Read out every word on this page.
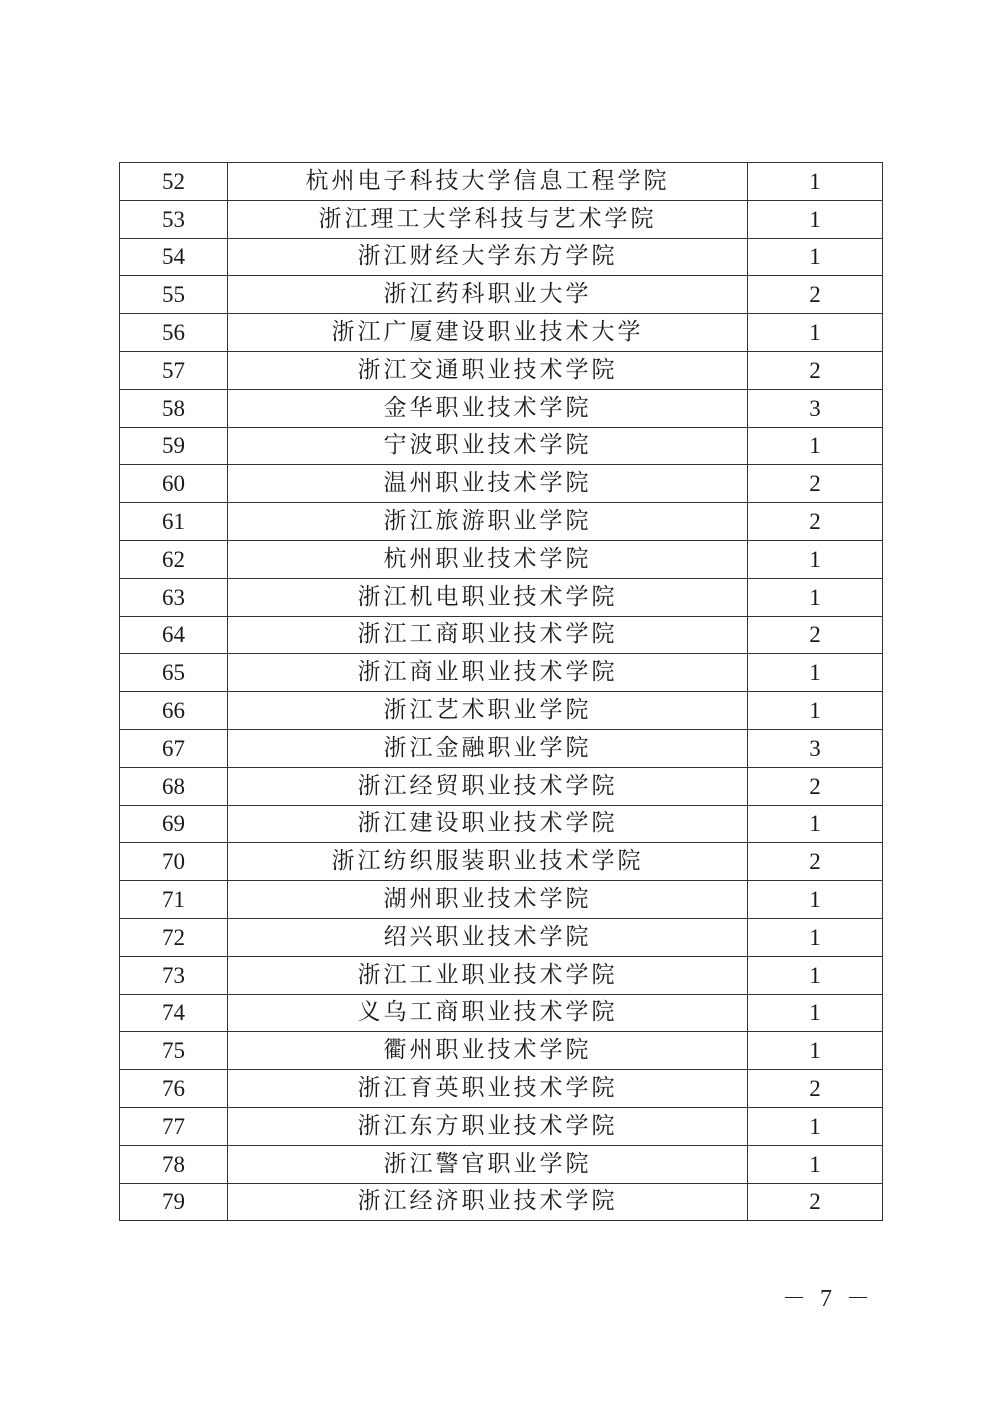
52	杭州电子科技大学信息工程学院	1
53	浙江理工大学科技与艺术学院	1
54	浙江财经大学东方学院	1
55	浙江药科职业大学	2
56	浙江广厦建设职业技术大学	1
57	浙江交通职业技术学院	2
58	金华职业技术学院	3
59	宁波职业技术学院	1
60	温州职业技术学院	2
61	浙江旅游职业学院	2
62	杭州职业技术学院	1
63	浙江机电职业技术学院	1
64	浙江工商职业技术学院	2
65	浙江商业职业技术学院	1
66	浙江艺术职业学院	1
67	浙江金融职业学院	3
68	浙江经贸职业技术学院	2
69	浙江建设职业技术学院	1
70	浙江纺织服装职业技术学院	2
71	湖州职业技术学院	1
72	绍兴职业技术学院	1
73	浙江工业职业技术学院	1
74	义乌工商职业技术学院	1
75	衢州职业技术学院	1
76	浙江育英职业技术学院	2
77	浙江东方职业技术学院	1
78	浙江警官职业学院	1
79	浙江经济职业技术学院	2
－ 7 －
